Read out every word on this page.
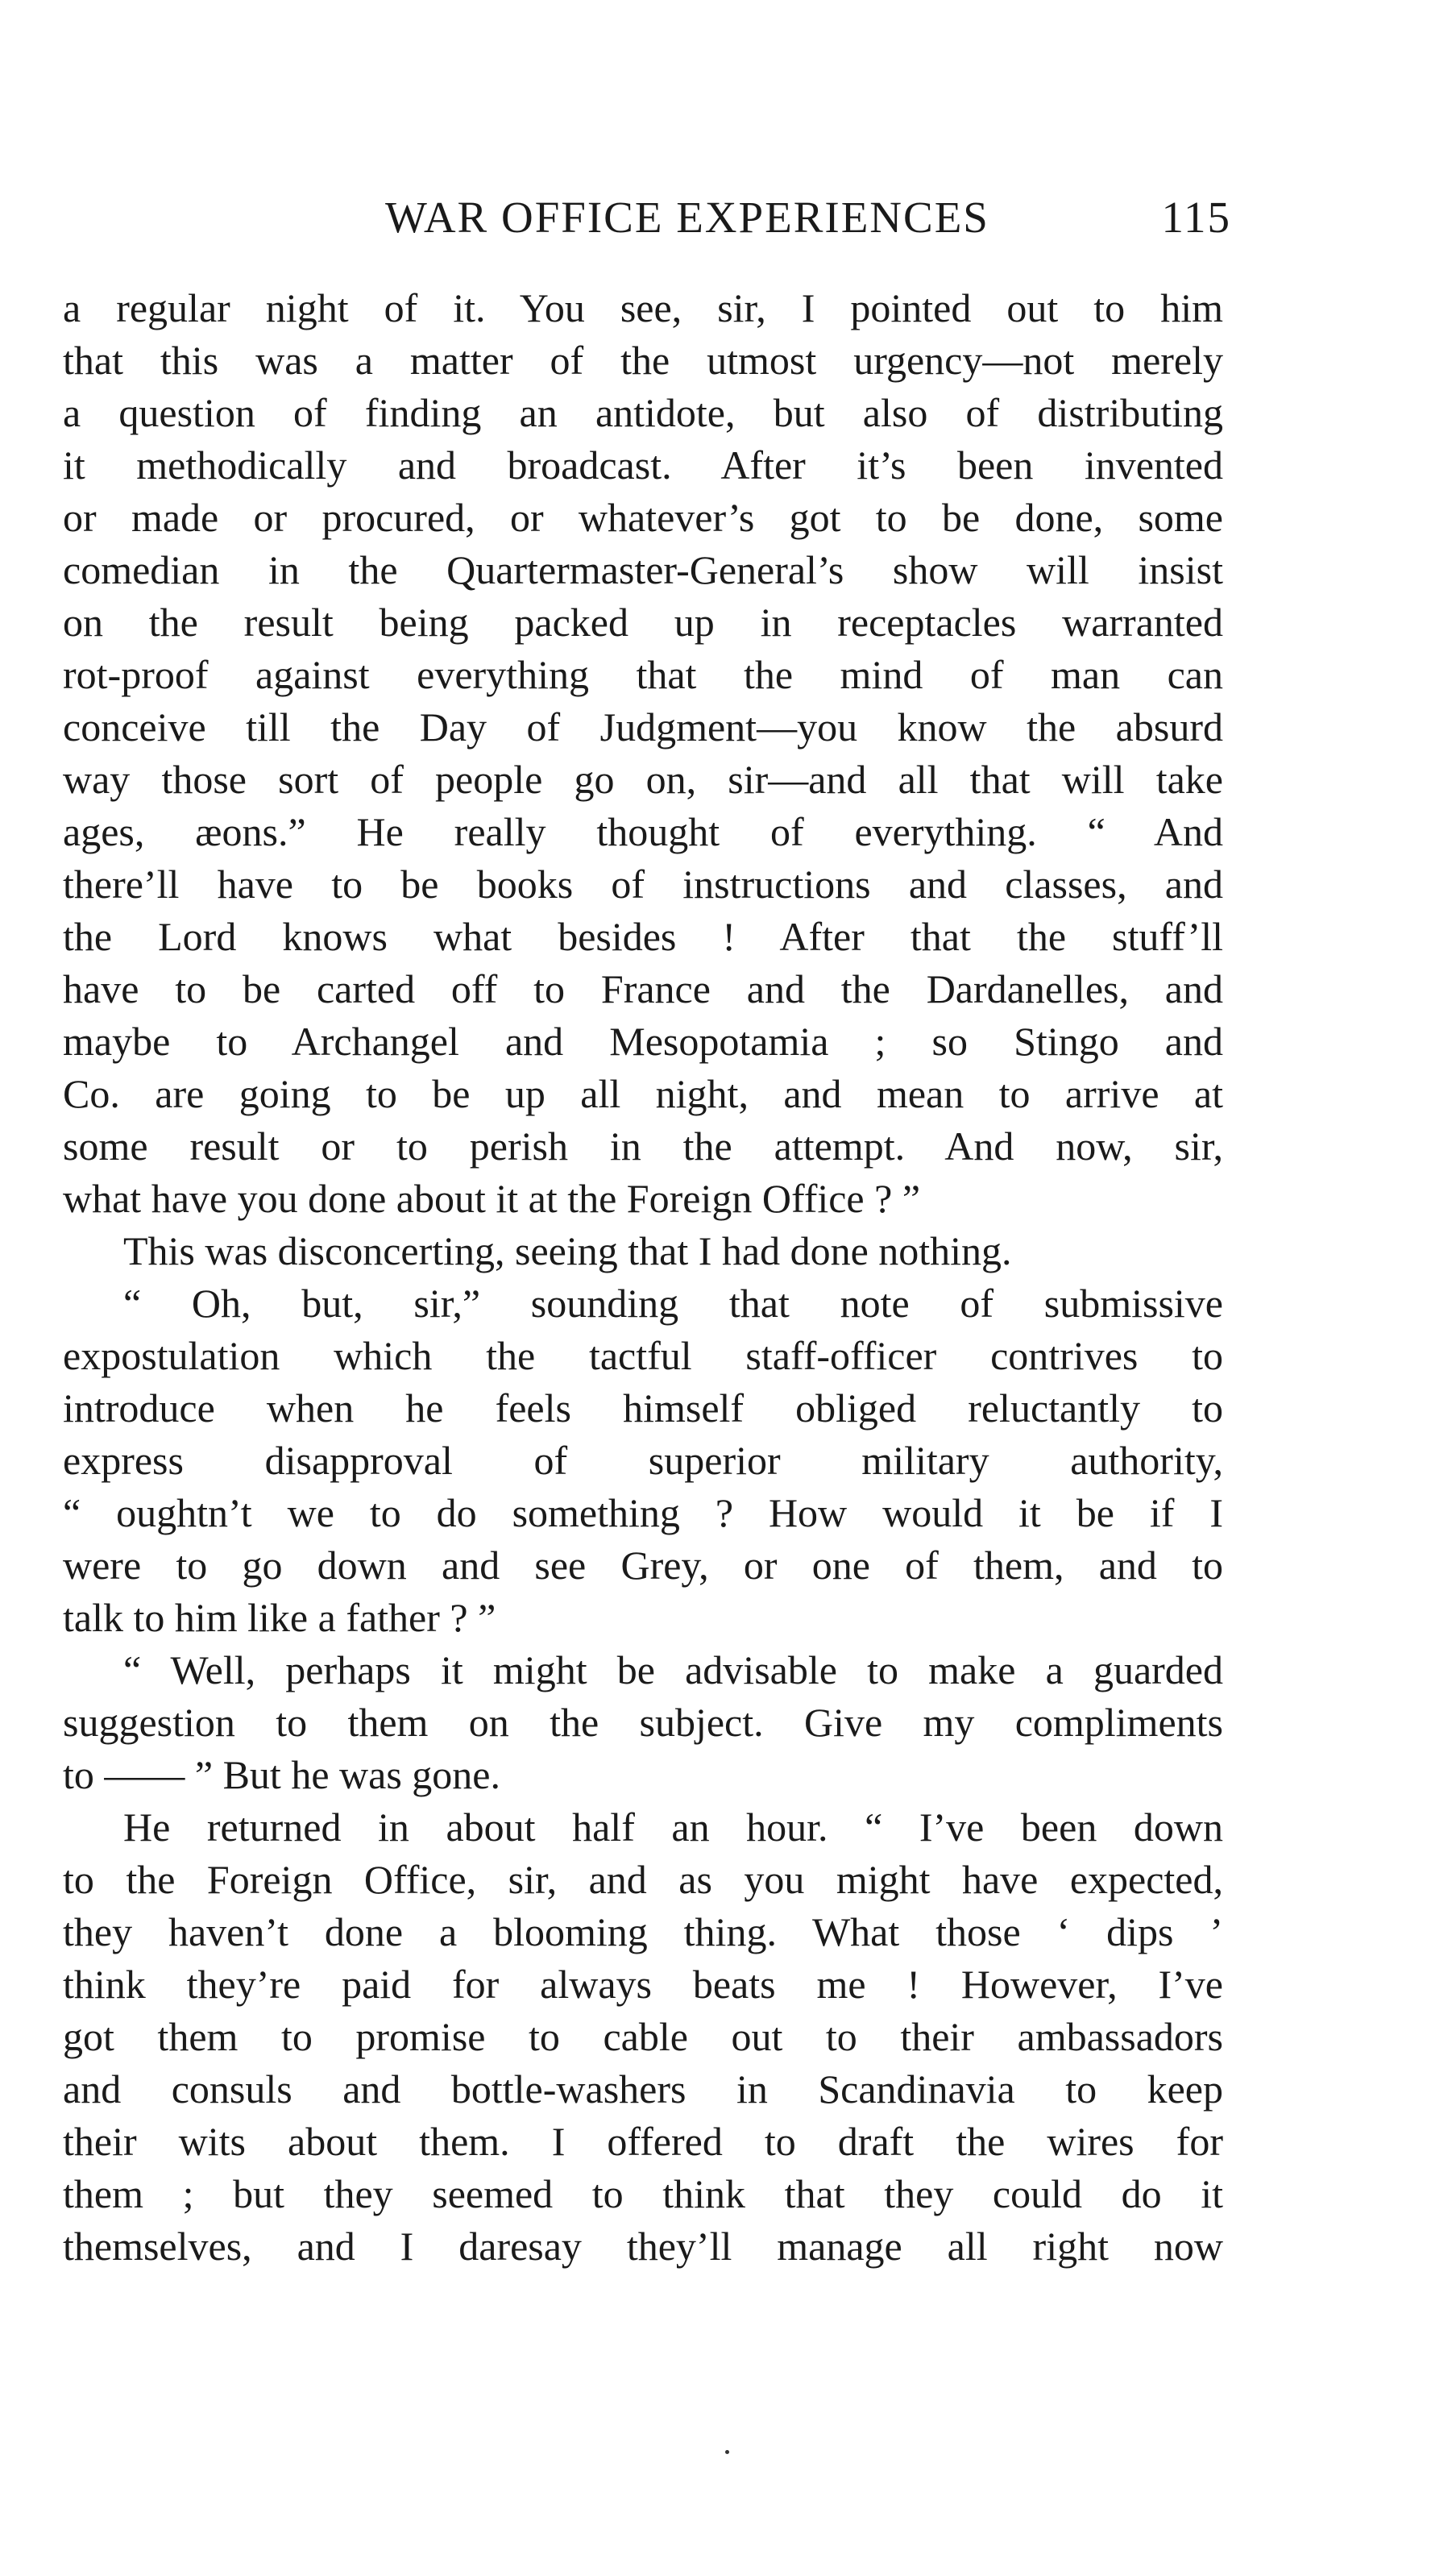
WAR OFFICE EXPERIENCES	115
a regular night of it. You see, sir, I pointed out to him
that this was a matter of the utmost urgency—not merely
a question of finding an antidote, but also of distributing
it methodically and broadcast. After it’s been invented
or made or procured, or whatever’s got to be done, some
comedian in the Quartermaster-General’s show will insist
on the result being packed up in receptacles warranted
rot-proof against everything that the mind of man can
conceive till the Day of Judgment—you know the absurd
way those sort of people go on, sir—and all that will take
ages, æons.” He really thought of everything. “ And
there’ll have to be books of instructions and classes, and
the Lord knows what besides ! After that the stuff’ll
have to be carted off to France and the Dardanelles, and
maybe to Archangel and Mesopotamia ; so Stingo and
Co. are going to be up all night, and mean to arrive at
some result or to perish in the attempt. And now, sir,
what have you done about it at the Foreign Office ? ”
This was disconcerting, seeing that I had done nothing.
“ Oh, but, sir,” sounding that note of submissive
expostulation which the tactful staff-officer contrives to
introduce when he feels himself obliged reluctantly to
express disapproval of superior military authority,
“ oughtn’t we to do something ? How would it be if I
were to go down and see Grey, or one of them, and to
talk to him like a father ? ”
“ Well, perhaps it might be advisable to make a guarded
suggestion to them on the subject. Give my compliments
to —— ” But he was gone.
He returned in about half an hour. “ I’ve been down
to the Foreign Office, sir, and as you might have expected,
they haven’t done a blooming thing. What those ‘ dips ’
think they’re paid for always beats me ! However, I’ve
got them to promise to cable out to their ambassadors
and consuls and bottle-washers in Scandinavia to keep
their wits about them. I offered to draft the wires for
them ; but they seemed to think that they could do it
themselves, and I daresay they’ll manage all right now
